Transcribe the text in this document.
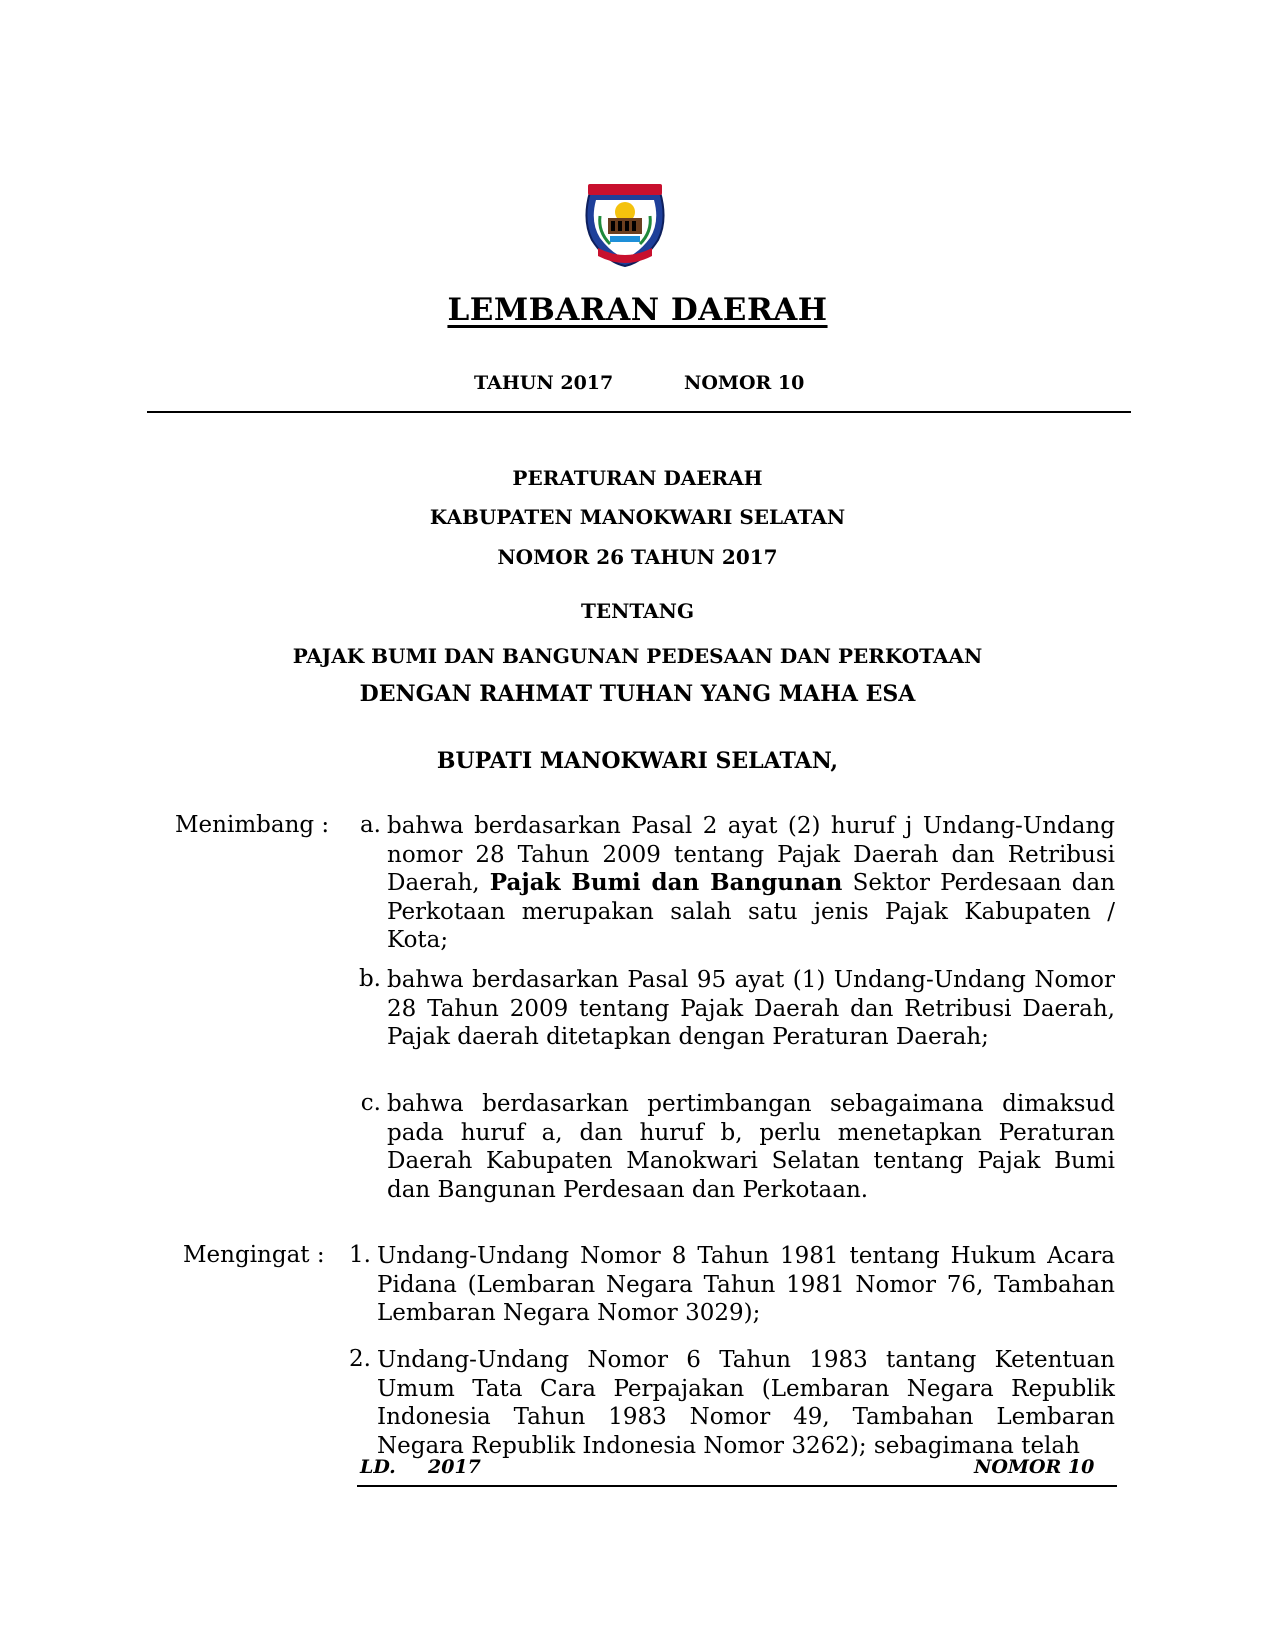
LEMBARAN DAERAH
TAHUN 2017	NOMOR 10
PERATURAN DAERAH
KABUPATEN MANOKWARI SELATAN
NOMOR 26 TAHUN 2017
TENTANG
PAJAK BUMI DAN BANGUNAN PEDESAAN DAN PERKOTAAN
DENGAN RAHMAT TUHAN YANG MAHA ESA
BUPATI MANOKWARI SELATAN,
Menimbang :	a. bahwa berdasarkan Pasal 2 ayat (2) huruf j Undang-Undang nomor 28 Tahun 2009 tentang Pajak Daerah dan Retribusi Daerah, Pajak Bumi dan Bangunan Sektor Perdesaan dan Perkotaan merupakan salah satu jenis Pajak Kabupaten / Kota;
b. bahwa berdasarkan Pasal 95 ayat (1) Undang-Undang Nomor 28 Tahun 2009 tentang Pajak Daerah dan Retribusi Daerah, Pajak daerah ditetapkan dengan Peraturan Daerah;
c. bahwa berdasarkan pertimbangan sebagaimana dimaksud pada huruf a, dan huruf b, perlu menetapkan Peraturan Daerah Kabupaten Manokwari Selatan tentang Pajak Bumi dan Bangunan Perdesaan dan Perkotaan.
Mengingat :	1. Undang-Undang Nomor 8 Tahun 1981 tentang Hukum Acara Pidana (Lembaran Negara Tahun 1981 Nomor 76, Tambahan Lembaran Negara Nomor 3029);
2. Undang-Undang Nomor 6 Tahun 1983 tantang Ketentuan Umum Tata Cara Perpajakan (Lembaran Negara Republik Indonesia Tahun 1983 Nomor 49, Tambahan Lembaran Negara Republik Indonesia Nomor 3262); sebagimana telah
LD. 2017	NOMOR 10
